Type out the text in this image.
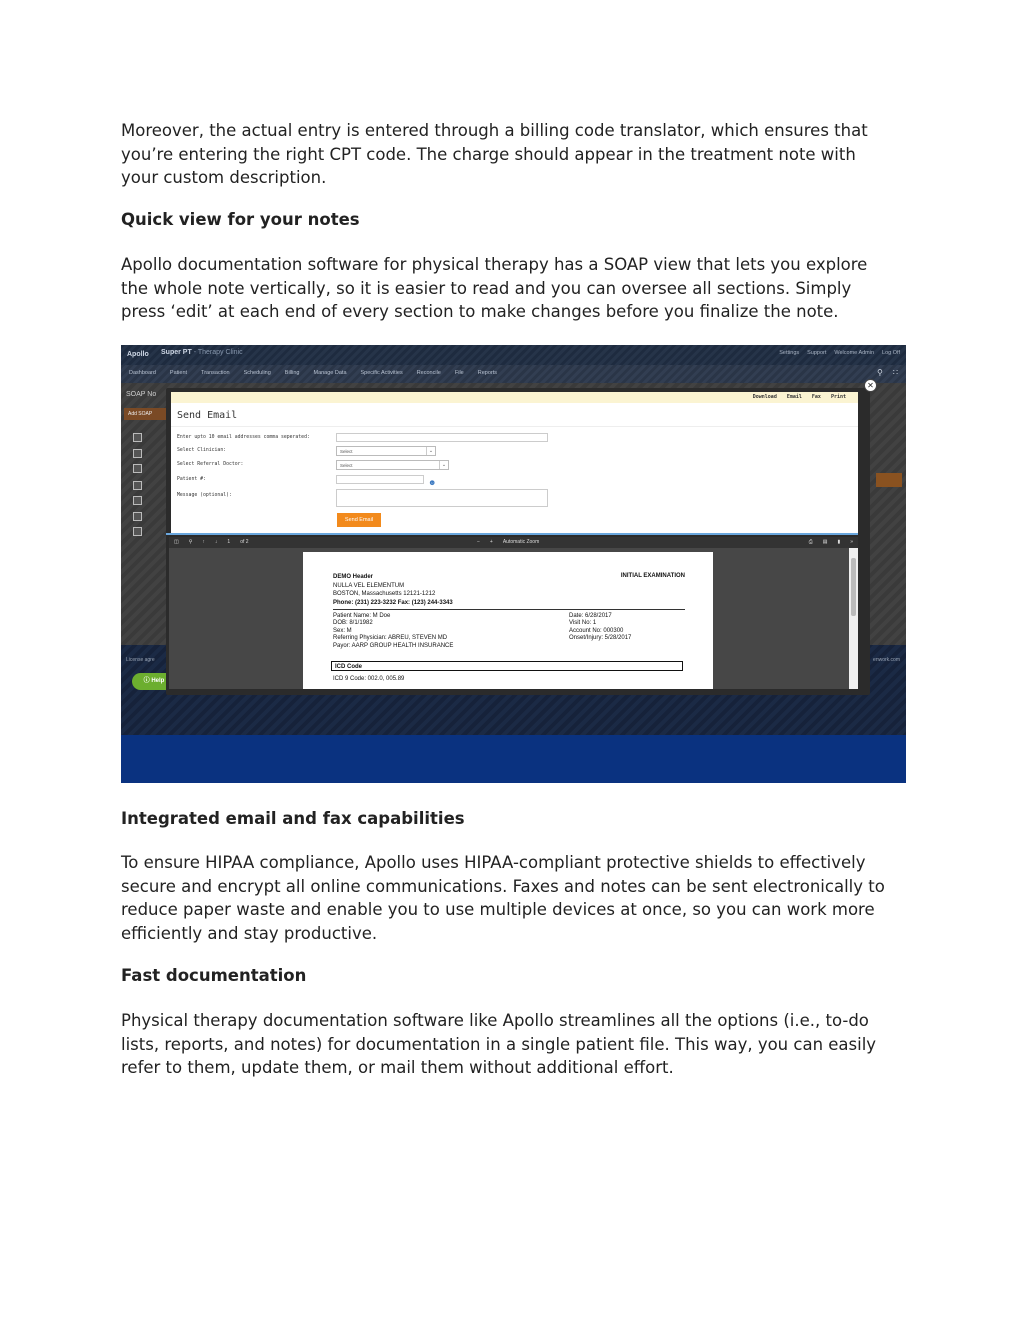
Moreover, the actual entry is entered through a billing code translator, which ensures that
you’re entering the right CPT code. The charge should appear in the treatment note with
your custom description.

Quick view for your notes

Apollo documentation software for physical therapy has a SOAP view that lets you explore
the whole note vertically, so it is easier to read and you can oversee all sections. Simply
press ‘edit’ at each end of every section to make changes before you finalize the note.

Apollo	Super PT - Therapy Clinic	Settings Support Welcome Admin Log Off
Dashboard	Patient	Transaction	Scheduling	Billing	Manage Data	Specific Activities	Reconcile	File	Reports	⚲ ∷
SOAP No
Add SOAP
License agre	enwork.com
ⓘ Help
✕
Download Email Fax Print
Send Email
Enter upto 10 email addresses comma seperated:
Select Clinician:	Select	⌄
Select Referral Doctor:	Select	⌄
Patient #:	☻
Message (optional):
Send Email
◫ ⚲ ↑ ↓ 1 of 2	− + Automatic Zoom	⎙ ▤ ▮ »
DEMO Header
NULLA VEL ELEMENTUM
BOSTON, Massachusetts 12121-1212
Phone: (231) 223-3232 Fax: (123) 244-3343
INITIAL EXAMINATION
Patient Name: M Doe
DOB: 8/1/1982
Sex: M
Referring Physician: ABREU, STEVEN MD
Payor: AARP GROUP HEALTH INSURANCE
Date: 6/28/2017
Visit No: 1
Account No: 000300
Onset/Injury: 5/28/2017
ICD Code
ICD 9 Code: 002.0, 005.89
Integrated email and fax capabilities

To ensure HIPAA compliance, Apollo uses HIPAA-compliant protective shields to effectively
secure and encrypt all online communications. Faxes and notes can be sent electronically to
reduce paper waste and enable you to use multiple devices at once, so you can work more
efficiently and stay productive.

Fast documentation

Physical therapy documentation software like Apollo streamlines all the options (i.e., to-do
lists, reports, and notes) for documentation in a single patient file. This way, you can easily
refer to them, update them, or mail them without additional effort.
